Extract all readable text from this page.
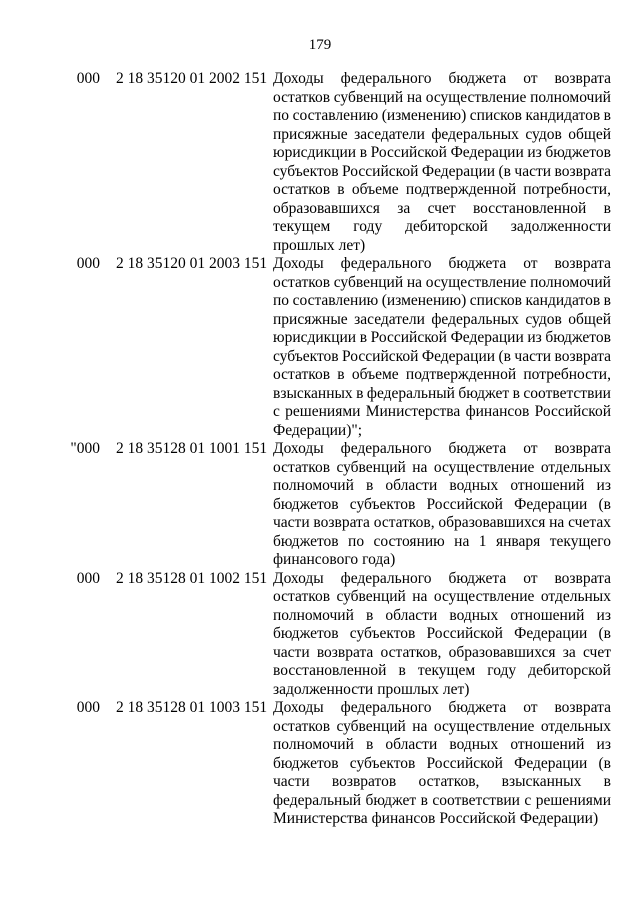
179
000 2 18 35120 01 2002 151 Доходы федерального бюджета от возврата
остатков субвенций на осуществление полномочий
по составлению (изменению) списков кандидатов в
присяжные заседатели федеральных судов общей
юрисдикции в Российской Федерации из бюджетов
субъектов Российской Федерации (в части возврата
остатков в объеме подтвержденной потребности,
образовавшихся за счет восстановленной в
текущем году дебиторской задолженности
прошлых лет)
000 2 18 35120 01 2003 151 Доходы федерального бюджета от возврата
остатков субвенций на осуществление полномочий
по составлению (изменению) списков кандидатов в
присяжные заседатели федеральных судов общей
юрисдикции в Российской Федерации из бюджетов
субъектов Российской Федерации (в части возврата
остатков в объеме подтвержденной потребности,
взысканных в федеральный бюджет в соответствии
с решениями Министерства финансов Российской
Федерации)";
"000 2 18 35128 01 1001 151 Доходы федерального бюджета от возврата
остатков субвенций на осуществление отдельных
полномочий в области водных отношений из
бюджетов субъектов Российской Федерации (в
части возврата остатков, образовавшихся на счетах
бюджетов по состоянию на 1 января текущего
финансового года)
000 2 18 35128 01 1002 151 Доходы федерального бюджета от возврата
остатков субвенций на осуществление отдельных
полномочий в области водных отношений из
бюджетов субъектов Российской Федерации (в
части возврата остатков, образовавшихся за счет
восстановленной в текущем году дебиторской
задолженности прошлых лет)
000 2 18 35128 01 1003 151 Доходы федерального бюджета от возврата
остатков субвенций на осуществление отдельных
полномочий в области водных отношений из
бюджетов субъектов Российской Федерации (в
части возвратов остатков, взысканных в
федеральный бюджет в соответствии с решениями
Министерства финансов Российской Федерации)
